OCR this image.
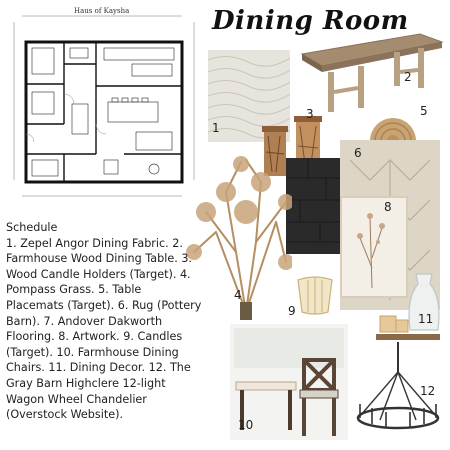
Haus of Kaysha	Dining Room
1
2
3	5
6
8
4
9
11
10
12

Schedule

1. Zepel Angor Dining Fabric. 2. Farmhouse Wood Dining Table. 3. Wood Candle Holders (Target). 4. Pompass Grass. 5. Table Placemats (Target). 6. Rug (Pottery Barn). 7. Andover Dakworth Flooring. 8. Artwork. 9. Candles (Target). 10. Farmhouse Dining Chairs. 11. Dining Decor. 12. The Gray Barn Highclere 12-light Wagon Wheel Chandelier (Overstock Website).
